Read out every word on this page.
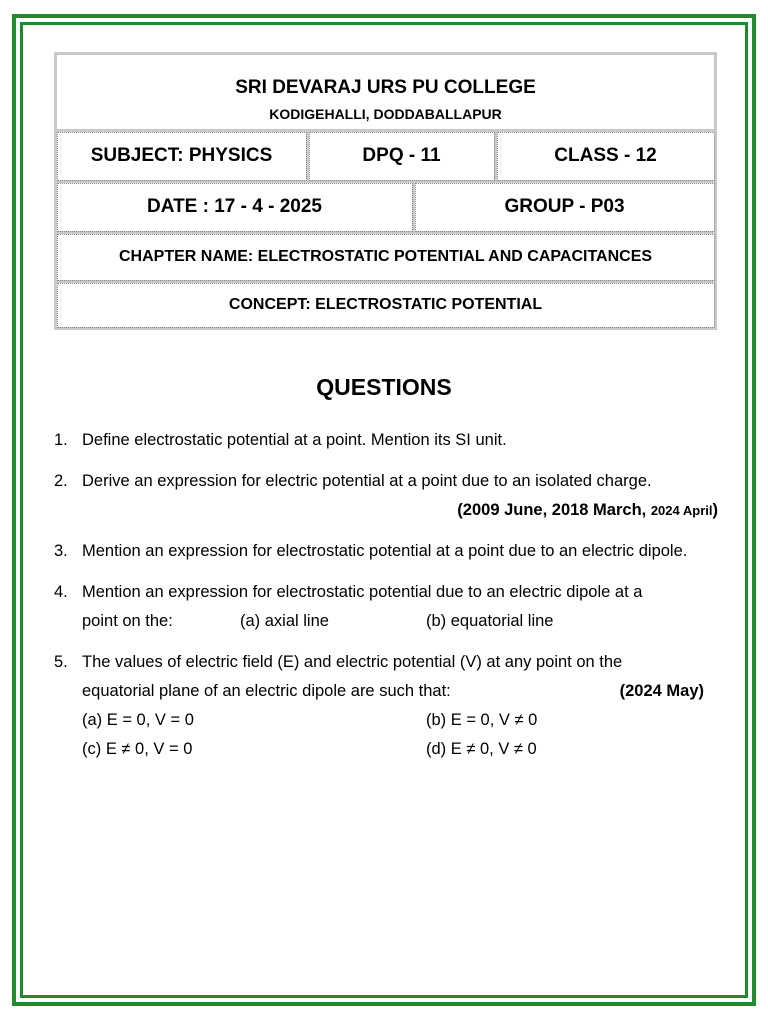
SRI DEVARAJ URS PU COLLEGE			
KODIGEHALLI, DODDABALLAPUR			
SUBJECT: PHYSICS	DPQ - 11		CLASS - 12
DATE : 17 - 4 - 2025		GROUP - P03	
CHAPTER NAME: ELECTROSTATIC POTENTIAL AND CAPACITANCES			
CONCEPT: ELECTROSTATIC POTENTIAL			
QUESTIONS
1. Define electrostatic potential at a point. Mention its SI unit.
2. Derive an expression for electric potential at a point due to an isolated charge.
(2009 June, 2018 March, 2024 April)
3. Mention an expression for electrostatic potential at a point due to an electric dipole.
4. Mention an expression for electrostatic potential due to an electric dipole at a
point on the:	(a) axial line	(b) equatorial line
5. The values of electric field (E) and electric potential (V) at any point on the
equatorial plane of an electric dipole are such that:	(2024 May)
(a) E = 0, V = 0	(b) E = 0, V ≠ 0
(c) E ≠ 0, V = 0	(d) E ≠ 0, V ≠ 0
